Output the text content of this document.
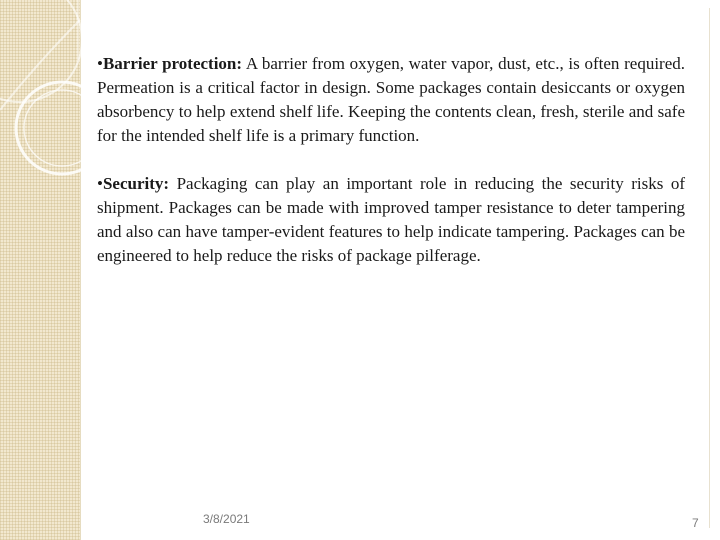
•Barrier protection: A barrier from oxygen, water vapor, dust, etc., is often required. Permeation is a critical factor in design. Some packages contain desiccants or oxygen absorbency to help extend shelf life. Keeping the contents clean, fresh, sterile and safe for the intended shelf life is a primary function.

•Security: Packaging can play an important role in reducing the security risks of shipment. Packages can be made with improved tamper resistance to deter tampering and also can have tamper-evident features to help indicate tampering. Packages can be engineered to help reduce the risks of package pilferage.

3/8/2021	7
